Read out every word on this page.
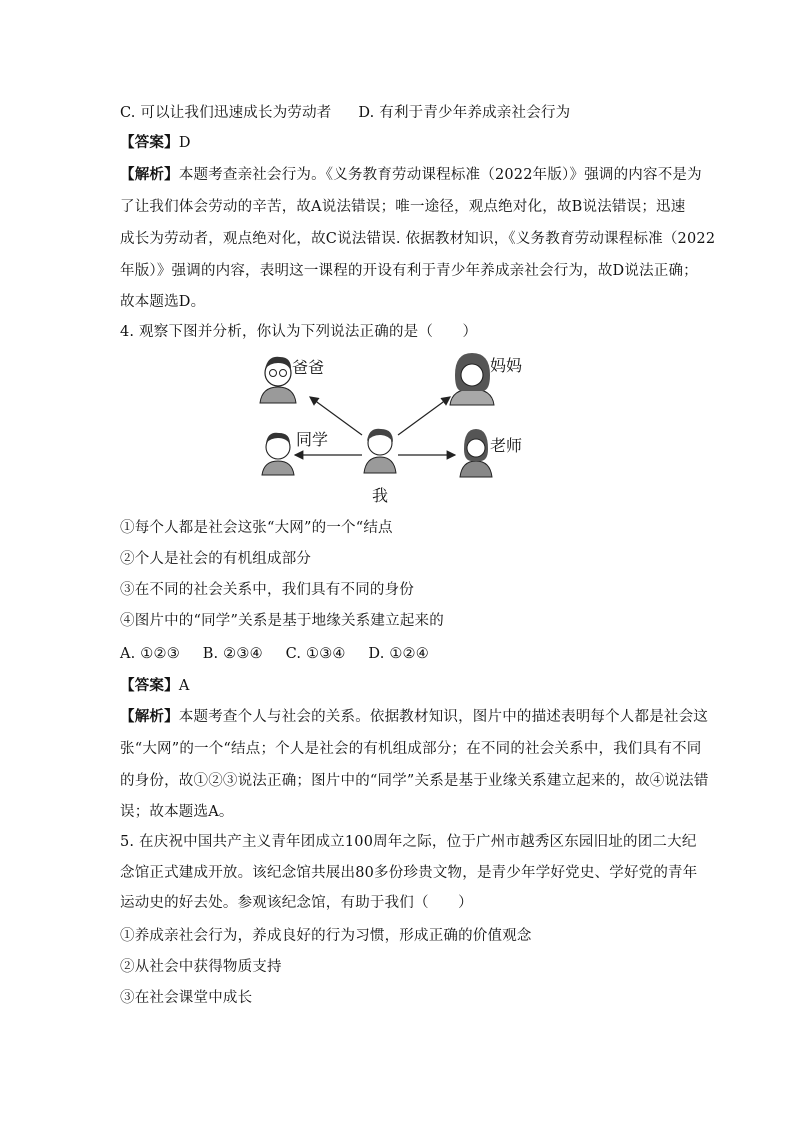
C. 可以让我们迅速成长为劳动者 D. 有利于青少年养成亲社会行为
【答案】D
【解析】本题考查亲社会行为。《义务教育劳动课程标准（2022年版）》强调的内容不是为
了让我们体会劳动的辛苦，故A说法错误；唯一途径，观点绝对化，故B说法错误；迅速
成长为劳动者，观点绝对化，故C说法错误. 依据教材知识，《义务教育劳动课程标准（2022
年版）》强调的内容，表明这一课程的开设有利于青少年养成亲社会行为，故D说法正确；
故本题选D。
4. 观察下图并分析，你认为下列说法正确的是（　　）
爸爸	妈妈
同学	老师
我
①每个人都是社会这张“大网”的一个“结点
②个人是社会的有机组成部分
③在不同的社会关系中，我们具有不同的身份
④图片中的“同学”关系是基于地缘关系建立起来的
A. ①②③ B. ②③④ C. ①③④ D. ①②④
【答案】A
【解析】本题考查个人与社会的关系。依据教材知识，图片中的描述表明每个人都是社会这
张“大网”的一个“结点；个人是社会的有机组成部分；在不同的社会关系中，我们具有不同
的身份，故①②③说法正确；图片中的“同学”关系是基于业缘关系建立起来的，故④说法错
误；故本题选A。
5. 在庆祝中国共产主义青年团成立100周年之际，位于广州市越秀区东园旧址的团二大纪
念馆正式建成开放。该纪念馆共展出80多份珍贵文物，是青少年学好党史、学好党的青年
运动史的好去处。参观该纪念馆，有助于我们（　　）
①养成亲社会行为，养成良好的行为习惯，形成正确的价值观念
②从社会中获得物质支持
③在社会课堂中成长
